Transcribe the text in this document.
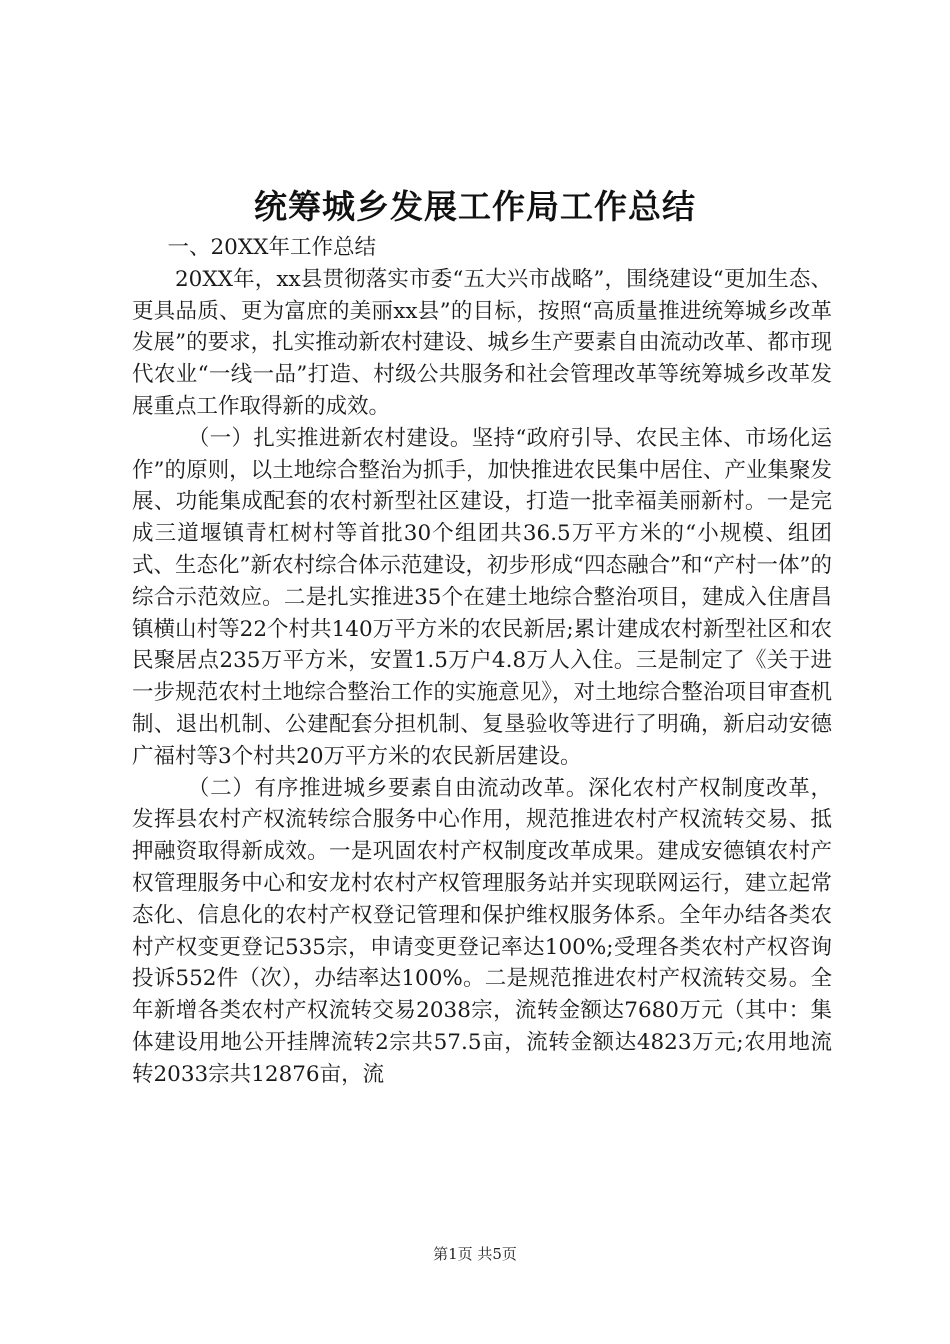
统筹城乡发展工作局工作总结

一、20XX年工作总结

20XX年，xx县贯彻落实市委“五大兴市战略”，围绕建设“更加生态、更具品质、更为富庶的美丽xx县”的目标，按照“高质量推进统筹城乡改革发展”的要求，扎实推动新农村建设、城乡生产要素自由流动改革、都市现代农业“一线一品”打造、村级公共服务和社会管理改革等统筹城乡改革发展重点工作取得新的成效。

（一）扎实推进新农村建设。坚持“政府引导、农民主体、市场化运作”的原则，以土地综合整治为抓手，加快推进农民集中居住、产业集聚发展、功能集成配套的农村新型社区建设，打造一批幸福美丽新村。一是完成三道堰镇青杠树村等首批30个组团共36.5万平方米的“小规模、组团式、生态化”新农村综合体示范建设，初步形成“四态融合”和“产村一体”的综合示范效应。二是扎实推进35个在建土地综合整治项目，建成入住唐昌镇横山村等22个村共140万平方米的农民新居;累计建成农村新型社区和农民聚居点235万平方米，安置1.5万户4.8万人入住。三是制定了《关于进一步规范农村土地综合整治工作的实施意见》，对土地综合整治项目审查机制、退出机制、公建配套分担机制、复垦验收等进行了明确，新启动安德广福村等3个村共20万平方米的农民新居建设。

（二）有序推进城乡要素自由流动改革。深化农村产权制度改革，发挥县农村产权流转综合服务中心作用，规范推进农村产权流转交易、抵押融资取得新成效。一是巩固农村产权制度改革成果。建成安德镇农村产权管理服务中心和安龙村农村产权管理服务站并实现联网运行，建立起常态化、信息化的农村产权登记管理和保护维权服务体系。全年办结各类农村产权变更登记535宗，申请变更登记率达100%;受理各类农村产权咨询投诉552件（次），办结率达100%。二是规范推进农村产权流转交易。全年新增各类农村产权流转交易2038宗，流转金额达7680万元（其中：集体建设用地公开挂牌流转2宗共57.5亩，流转金额达4823万元;农用地流转2033宗共12876亩，流

第1页 共5页
